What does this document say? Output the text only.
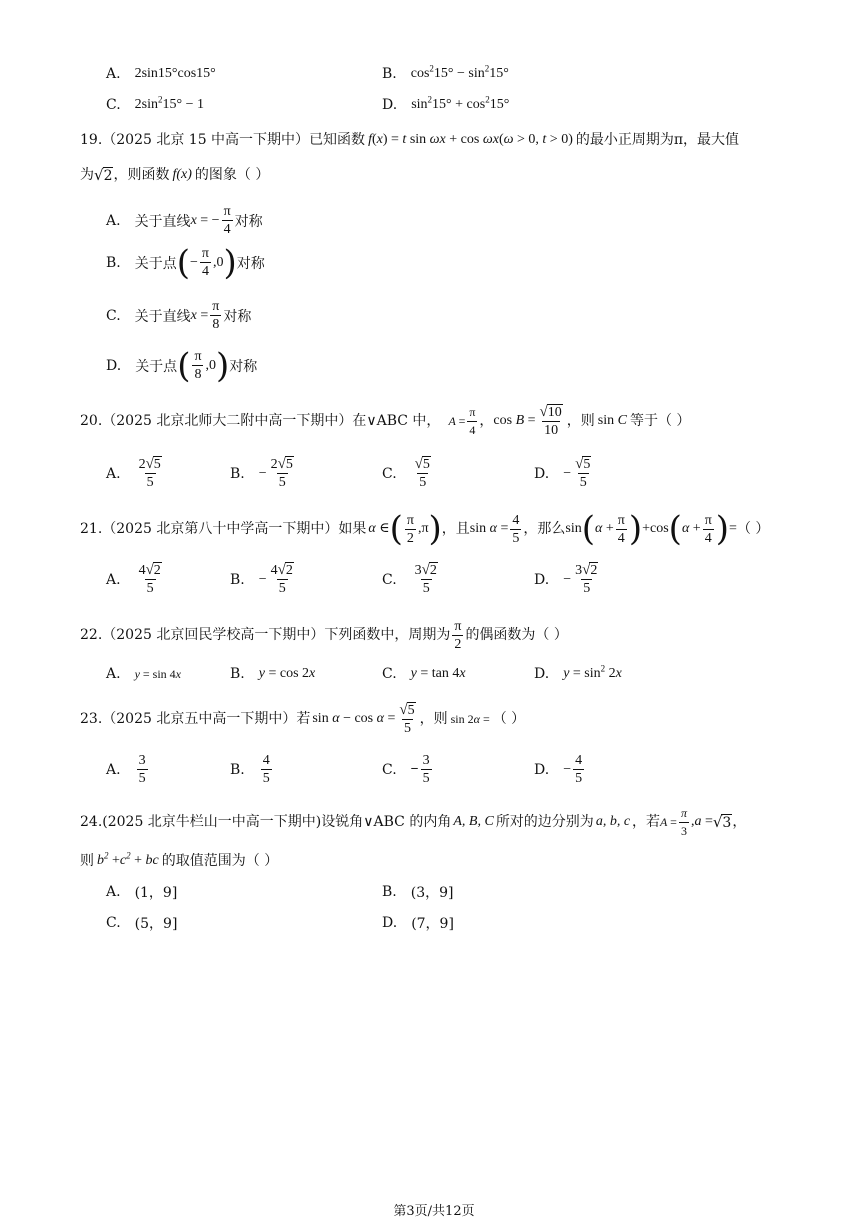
A. 2sin15°cos15°	B. $\cos^215^\circ - \sin^215^\circ$
C. $2\sin^215^\circ - 1$	D. $\sin^215^\circ + \cos^215^\circ$
19. （2025 北京 15 中高一下期中） 已知函数 f(x) = t sin ωx + cos ωx(ω > 0, t > 0) 的最小正周期为π，最大值
为 √ 2 ，则函数 f(x) 的图象（ ）
A. 关于直线 x = − $\frac{\pi}{4}$ 对称
B. 关于点 ( − $\frac{\pi}{4} ,0$ ) 对称
C. 关于直线 $x = \frac{\pi}{8}$ 对称
D. 关于点 ( $\frac{\pi}{8} ,0$ ) 对称
20. （2025 北京北师大二附中高一下期中） 在∨ABC 中， $A = \frac{\pi}{4}$ ， $\cos B = \frac{√ 10}{10}$ ，则 sin C 等于（ ）
A. $\frac{2 √ 5}{5}$	B. − $\frac{2 √ 5}{5}$	C. $\frac{√ 5}{5}$	D. − $\frac{√ 5}{5}$
21. （2025 北京第八十中学高一下期中） 如果 α ∈ ( $\frac{\pi}{2} ,\pi$ ) ，且 $\sin \alpha = \frac{4}{5}$ ，那么 sin ( $\alpha + \frac{\pi}{4}$ ) +cos ( $\alpha + \frac{\pi}{4}$ ) = （ ）
A. $\frac{4 √ 2}{5}$	B. − $\frac{4 √ 2}{5}$	C. $\frac{3 √ 2}{5}$	D. − $\frac{3 √ 2}{5}$
22. （2025 北京回民学校高一下期中） 下列函数中，周期为 $\frac{\pi}{2}$ 的偶函数为（ ）
A. y = sin 4x	B. y = cos 2x	C. y = tan 4x	D. $y = \sin^2 2x$
23. （2025 北京五中高一下期中） 若 $\sin \alpha - \cos \alpha = \frac{√ 5}{5}$ ，则 sin 2α = （ ）
A. $\frac{3}{5}$	B. $\frac{4}{5}$	C. − $\frac{3}{5}$	D. − $\frac{4}{5}$
24. (2025 北京牛栏山一中高一下期中) 设锐角∨ABC 的内角 A, B, C 所对的边分别为 a, b, c ，若 $A = \frac{\pi}{3} ,a$ = √ 3 ，
则 $b^2 +c^2$ + bc 的取值范围为（ ）
A. (1，9]	B. (3，9]
C. (5，9]	D. (7，9]
第3页/共12页
